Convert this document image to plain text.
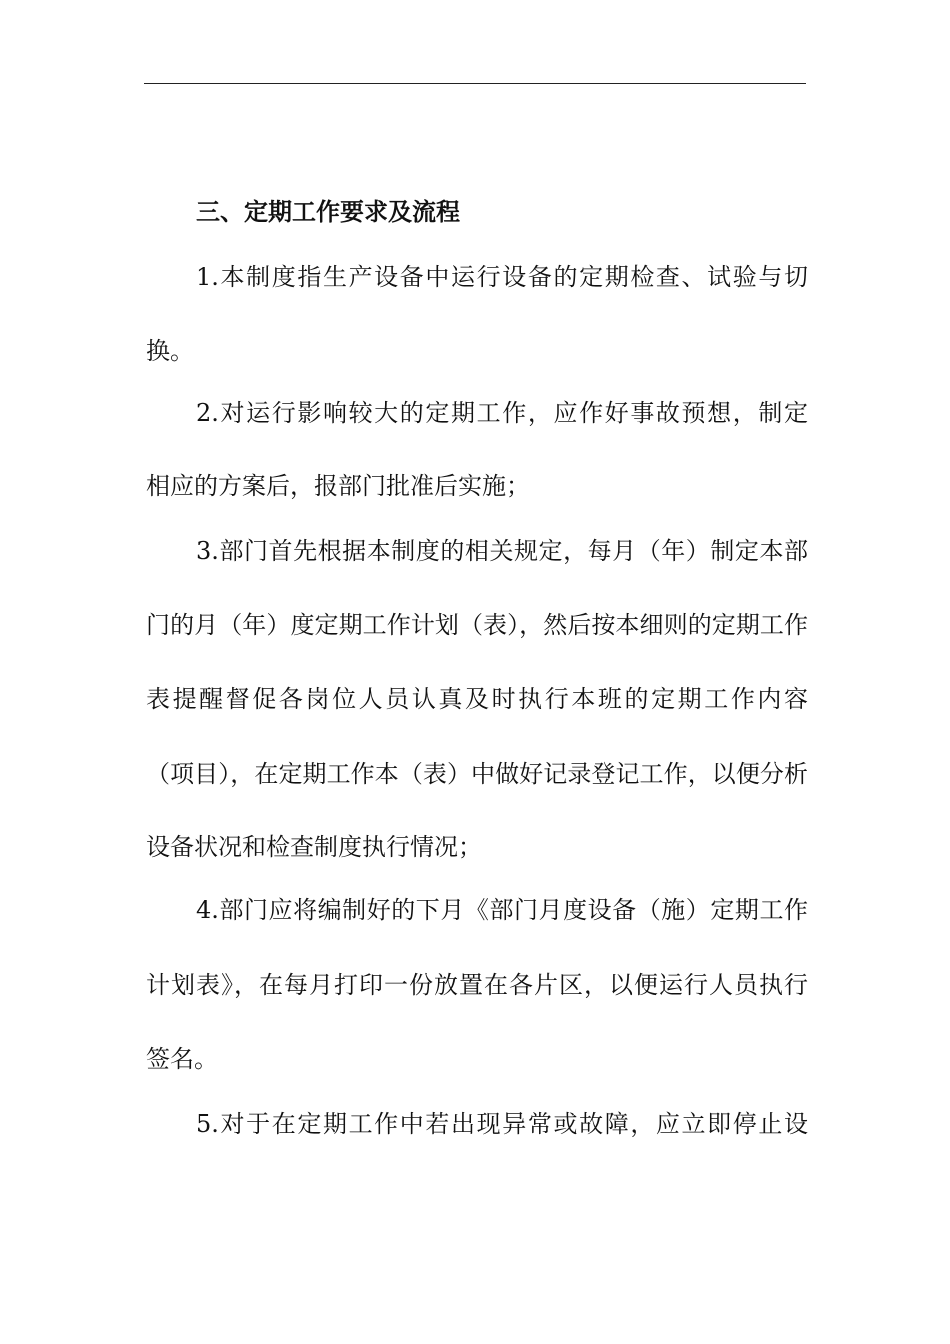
三、定期工作要求及流程
1.本制度指生产设备中运行设备的定期检查、试验与切
换。
2.对运行影响较大的定期工作，应作好事故预想，制定
相应的方案后，报部门批准后实施；
3.部门首先根据本制度的相关规定，每月（年）制定本部
门的月（年）度定期工作计划（表），然后按本细则的定期工作
表提醒督促各岗位人员认真及时执行本班的定期工作内容
（项目），在定期工作本（表）中做好记录登记工作，以便分析
设备状况和检查制度执行情况；
4.部门应将编制好的下月《部门月度设备（施）定期工作
计划表》，在每月打印一份放置在各片区，以便运行人员执行
签名。
5.对于在定期工作中若出现异常或故障，应立即停止设
